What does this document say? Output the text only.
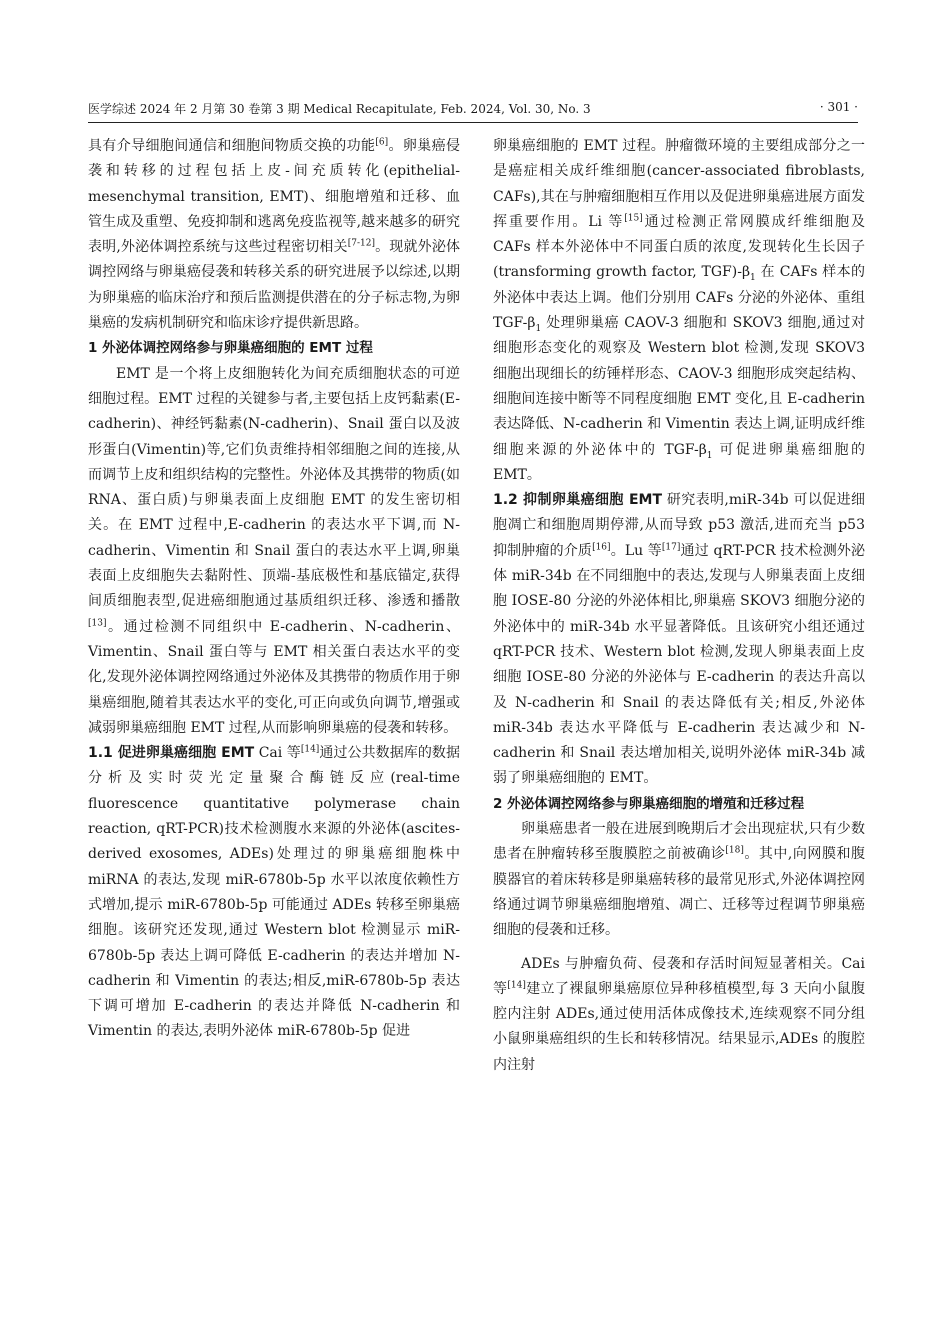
医学综述 2024 年 2 月第 30 卷第 3 期 Medical Recapitulate, Feb. 2024, Vol. 30, No. 3	· 301 ·

具有介导细胞间通信和细胞间物质交换的功能[6]。卵巢癌侵袭和转移的过程包括上皮-间充质转化(epithelial-mesenchymal transition, EMT)、细胞增殖和迁移、血管生成及重塑、免疫抑制和逃离免疫监视等,越来越多的研究表明,外泌体调控系统与这些过程密切相关[7-12]。现就外泌体调控网络与卵巢癌侵袭和转移关系的研究进展予以综述,以期为卵巢癌的临床治疗和预后监测提供潜在的分子标志物,为卵巢癌的发病机制研究和临床诊疗提供新思路。

1 外泌体调控网络参与卵巢癌细胞的 EMT 过程

EMT 是一个将上皮细胞转化为间充质细胞状态的可逆细胞过程。EMT 过程的关键参与者,主要包括上皮钙黏素(E-cadherin)、神经钙黏素(N-cadherin)、Snail 蛋白以及波形蛋白(Vimentin)等,它们负责维持相邻细胞之间的连接,从而调节上皮和组织结构的完整性。外泌体及其携带的物质(如 RNA、蛋白质)与卵巢表面上皮细胞 EMT 的发生密切相关。在 EMT 过程中,E-cadherin 的表达水平下调,而 N-cadherin、Vimentin 和 Snail 蛋白的表达水平上调,卵巢表面上皮细胞失去黏附性、顶端-基底极性和基底锚定,获得间质细胞表型,促进癌细胞通过基质组织迁移、渗透和播散[13]。通过检测不同组织中 E-cadherin、N-cadherin、Vimentin、Snail 蛋白等与 EMT 相关蛋白表达水平的变化,发现外泌体调控网络通过外泌体及其携带的物质作用于卵巢癌细胞,随着其表达水平的变化,可正向或负向调节,增强或减弱卵巢癌细胞 EMT 过程,从而影响卵巢癌的侵袭和转移。

1.1 促进卵巢癌细胞 EMT Cai 等[14]通过公共数据库的数据分析及实时荧光定量聚合酶链反应(real-time fluorescence quantitative polymerase chain reaction, qRT-PCR)技术检测腹水来源的外泌体(ascites-derived exosomes, ADEs)处理过的卵巢癌细胞株中 miRNA 的表达,发现 miR-6780b-5p 水平以浓度依赖性方式增加,提示 miR-6780b-5p 可能通过 ADEs 转移至卵巢癌细胞。该研究还发现,通过 Western blot 检测显示 miR-6780b-5p 表达上调可降低 E-cadherin 的表达并增加 N-cadherin 和 Vimentin 的表达;相反,miR-6780b-5p 表达下调可增加 E-cadherin 的表达并降低 N-cadherin 和 Vimentin 的表达,表明外泌体 miR-6780b-5p 促进

卵巢癌细胞的 EMT 过程。肿瘤微环境的主要组成部分之一是癌症相关成纤维细胞(cancer-associated fibroblasts, CAFs),其在与肿瘤细胞相互作用以及促进卵巢癌进展方面发挥重要作用。Li 等[15]通过检测正常网膜成纤维细胞及 CAFs 样本外泌体中不同蛋白质的浓度,发现转化生长因子(transforming growth factor, $TGF)-\beta_1$ 在 CAFs 样本的外泌体中表达上调。他们分别用 CAFs 分泌的外泌体、重组 TGF-$\beta_1$ 处理卵巢癌 CAOV-3 细胞和 SKOV3 细胞,通过对细胞形态变化的观察及 Western blot 检测,发现 SKOV3 细胞出现细长的纺锤样形态、CAOV-3 细胞形成突起结构、细胞间连接中断等不同程度细胞 EMT 变化,且 E-cadherin 表达降低、N-cadherin 和 Vimentin 表达上调,证明成纤维细胞来源的外泌体中的 TGF-$\beta_1$ 可促进卵巢癌细胞的 EMT。

1.2 抑制卵巢癌细胞 EMT 研究表明,miR-34b 可以促进细胞凋亡和细胞周期停滞,从而导致 p53 激活,进而充当 p53 抑制肿瘤的介质[16]。Lu 等[17]通过 qRT-PCR 技术检测外泌体 miR-34b 在不同细胞中的表达,发现与人卵巢表面上皮细胞 IOSE-80 分泌的外泌体相比,卵巢癌 SKOV3 细胞分泌的外泌体中的 miR-34b 水平显著降低。且该研究小组还通过 qRT-PCR 技术、Western blot 检测,发现人卵巢表面上皮细胞 IOSE-80 分泌的外泌体与 E-cadherin 的表达升高以及 N-cadherin 和 Snail 的表达降低有关;相反,外泌体 miR-34b 表达水平降低与 E-cadherin 表达减少和 N-cadherin 和 Snail 表达增加相关,说明外泌体 miR-34b 减弱了卵巢癌细胞的 EMT。

2 外泌体调控网络参与卵巢癌细胞的增殖和迁移过程

卵巢癌患者一般在进展到晚期后才会出现症状,只有少数患者在肿瘤转移至腹膜腔之前被确诊[18]。其中,向网膜和腹膜器官的着床转移是卵巢癌转移的最常见形式,外泌体调控网络通过调节卵巢癌细胞增殖、凋亡、迁移等过程调节卵巢癌细胞的侵袭和迁移。

ADEs 与肿瘤负荷、侵袭和存活时间短显著相关。Cai 等[14]建立了裸鼠卵巢癌原位异种移植模型,每 3 天向小鼠腹腔内注射 ADEs,通过使用活体成像技术,连续观察不同分组小鼠卵巢癌组织的生长和转移情况。结果显示,ADEs 的腹腔内注射
